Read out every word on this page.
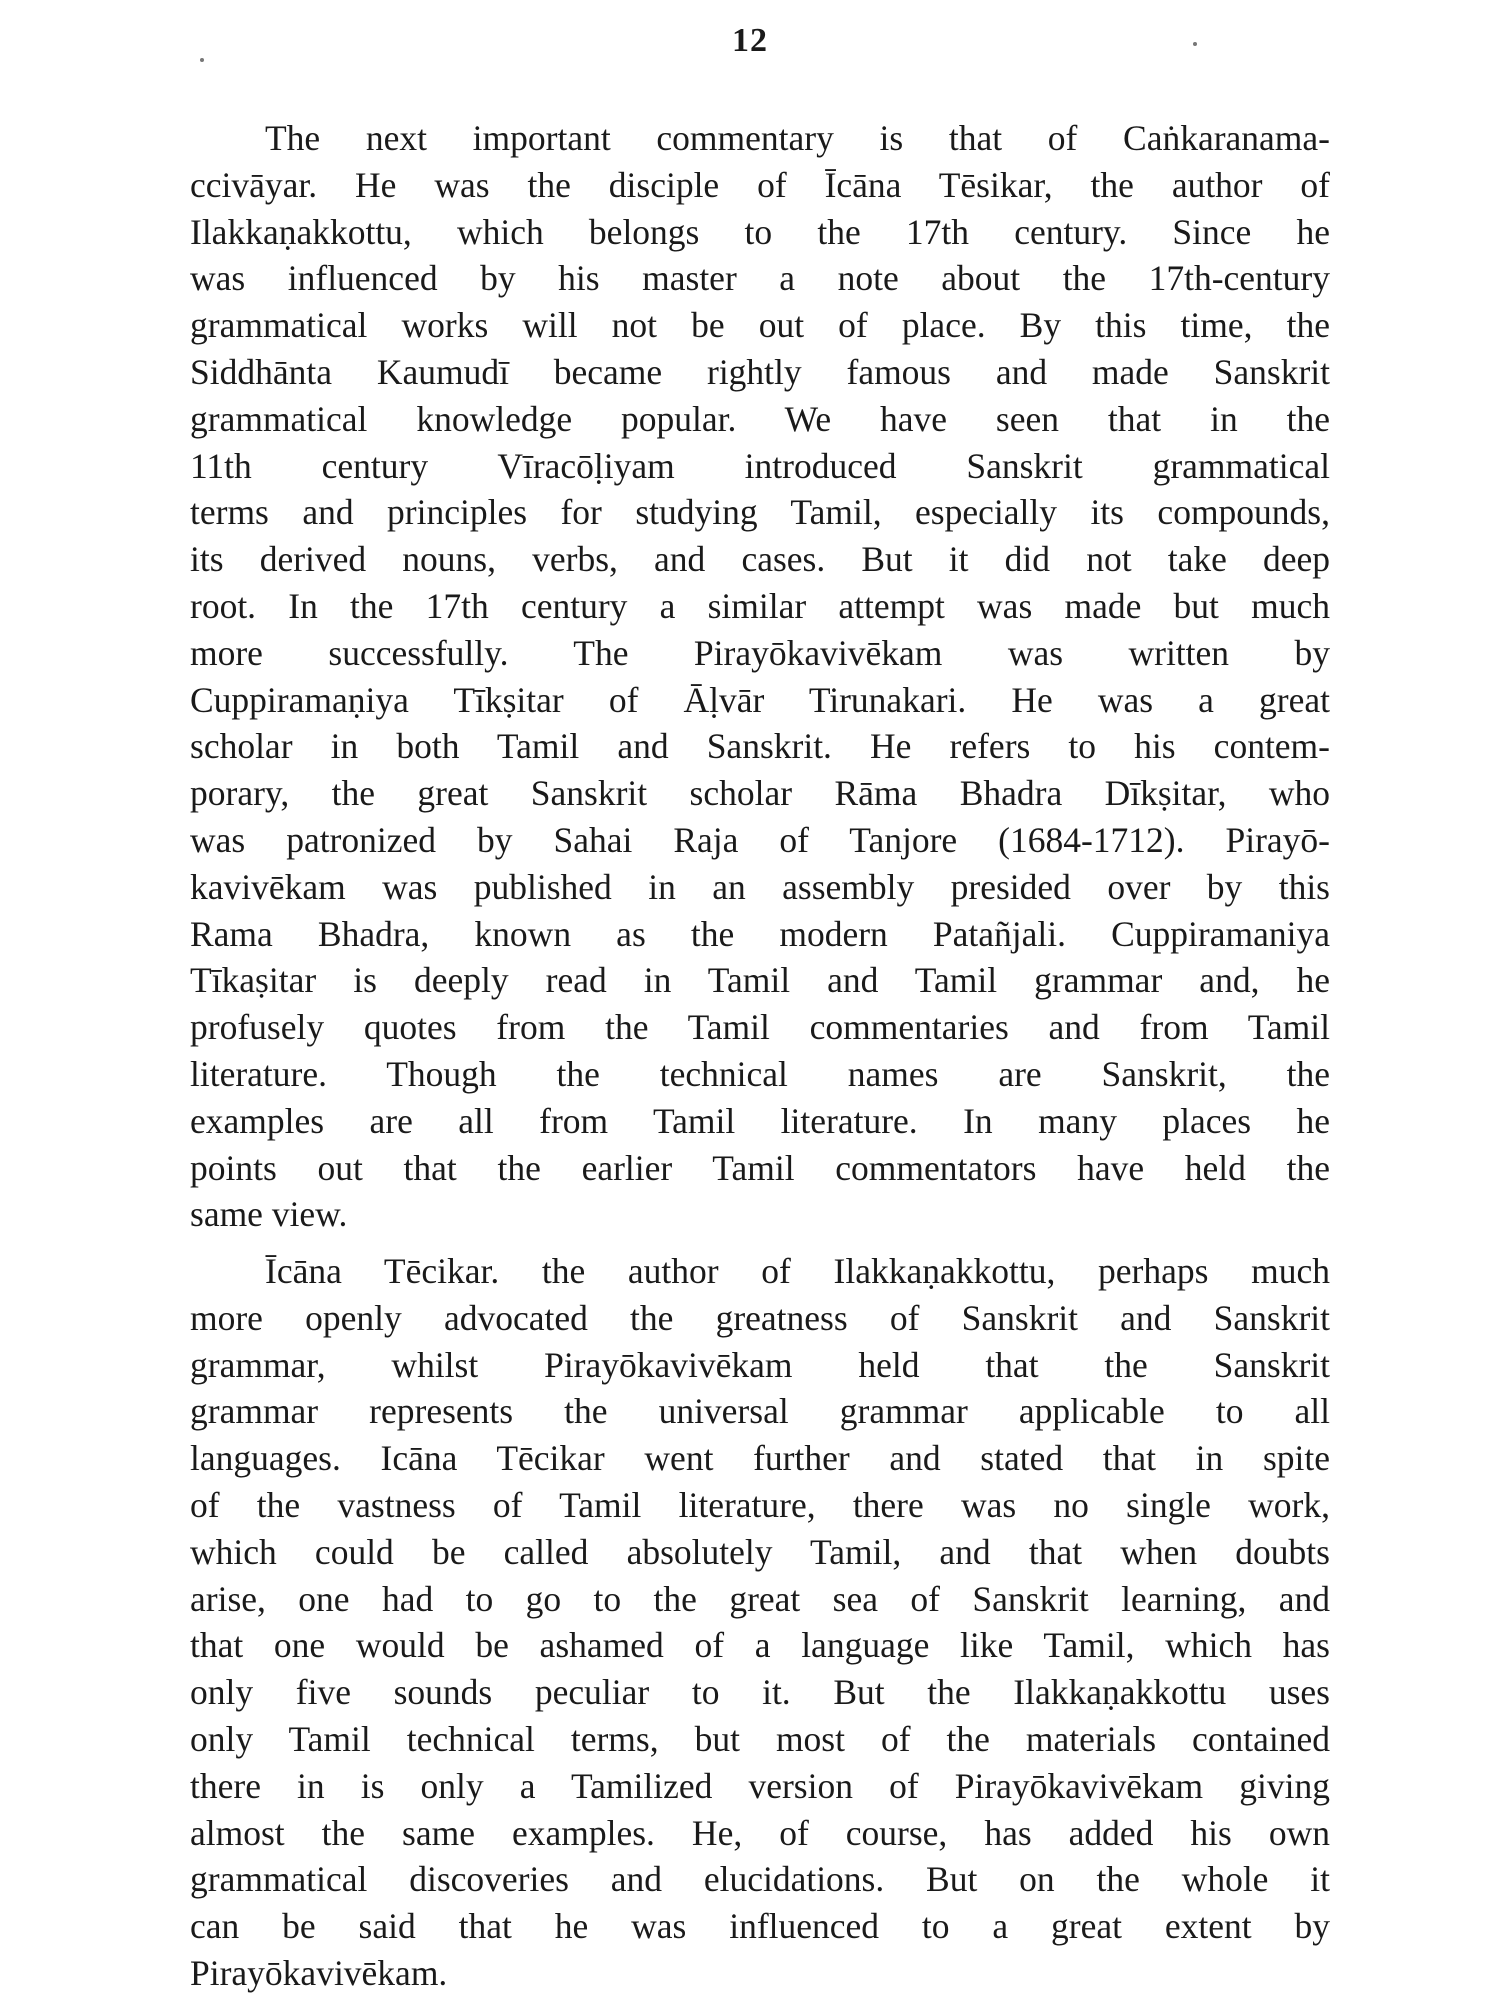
12
The next important commentary is that of Caṅkaranama-
ccivāyar. He was the disciple of Īcāna Tēsikar, the author of
Ilakkaṇakkottu, which belongs to the 17th century. Since he
was influenced by his master a note about the 17th-century
grammatical works will not be out of place. By this time, the
Siddhānta Kaumudī became rightly famous and made Sanskrit
grammatical knowledge popular. We have seen that in the
11th century Vīracōḷiyam introduced Sanskrit grammatical
terms and principles for studying Tamil, especially its compounds,
its derived nouns, verbs, and cases. But it did not take deep
root. In the 17th century a similar attempt was made but much
more successfully. The Pirayōkavivēkam was written by
Cuppiramaṇiya Tīkṣitar of Āḷvār Tirunakari. He was a great
scholar in both Tamil and Sanskrit. He refers to his contem-
porary, the great Sanskrit scholar Rāma Bhadra Dīkṣitar, who
was patronized by Sahai Raja of Tanjore (1684-1712). Pirayō-
kavivēkam was published in an assembly presided over by this
Rama Bhadra, known as the modern Patañjali. Cuppiramaniya
Tīkaṣitar is deeply read in Tamil and Tamil grammar and, he
profusely quotes from the Tamil commentaries and from Tamil
literature. Though the technical names are Sanskrit, the
examples are all from Tamil literature. In many places he
points out that the earlier Tamil commentators have held the
same view.
Īcāna Tēcikar. the author of Ilakkaṇakkottu, perhaps much
more openly advocated the greatness of Sanskrit and Sanskrit
grammar, whilst Pirayōkavivēkam held that the Sanskrit
grammar represents the universal grammar applicable to all
languages. Icāna Tēcikar went further and stated that in spite
of the vastness of Tamil literature, there was no single work,
which could be called absolutely Tamil, and that when doubts
arise, one had to go to the great sea of Sanskrit learning, and
that one would be ashamed of a language like Tamil, which has
only five sounds peculiar to it. But the Ilakkaṇakkottu uses
only Tamil technical terms, but most of the materials contained
there in is only a Tamilized version of Pirayōkavivēkam giving
almost the same examples. He, of course, has added his own
grammatical discoveries and elucidations. But on the whole it
can be said that he was influenced to a great extent by
Pirayōkavivēkam.
